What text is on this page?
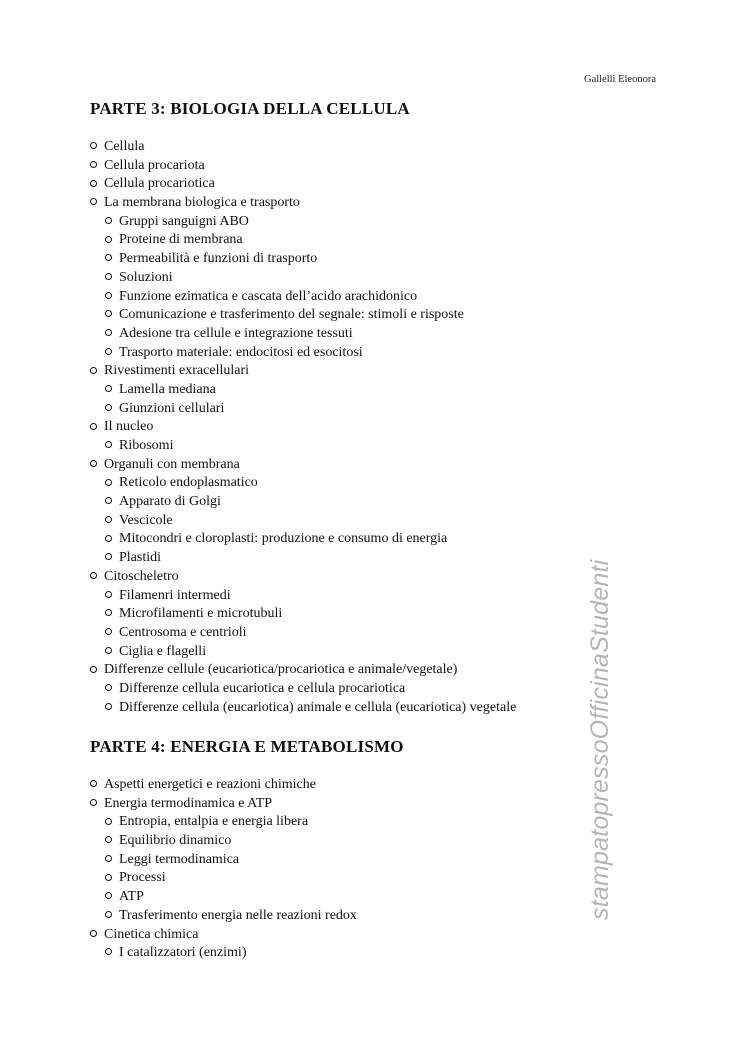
Gallelli Eleonora
PARTE 3: BIOLOGIA DELLA CELLULA
Cellula
Cellula procariota
Cellula procariotica
La membrana biologica e trasporto
Gruppi sanguigni ABO
Proteine di membrana
Permeabilità e funzioni di trasporto
Soluzioni
Funzione ezimatica e cascata dell’acido arachidonico
Comunicazione e trasferimento del segnale: stimoli e risposte
Adesione tra cellule e integrazione tessuti
Trasporto materiale: endocitosi ed esocitosi
Rivestimenti exracellulari
Lamella mediana
Giunzioni cellulari
Il nucleo
Ribosomi
Organuli con membrana
Reticolo endoplasmatico
Apparato di Golgi
Vescicole
Mitocondri e cloroplasti: produzione e consumo di energia
Plastidi
Citoscheletro
Filamenri intermedi
Microfilamenti e microtubuli
Centrosoma e centrioli
Ciglia e flagelli
Differenze cellule (eucariotica/procariotica e animale/vegetale)
Differenze cellula eucariotica e cellula procariotica
Differenze cellula (eucariotica) animale e cellula (eucariotica) vegetale
PARTE 4: ENERGIA E METABOLISMO
Aspetti energetici e reazioni chimiche
Energia termodinamica e ATP
Entropia, entalpia e energia libera
Equilibrio dinamico
Leggi termodinamica
Processi
ATP
Trasferimento energia nelle reazioni redox
Cinetica chimica
I catalizzatori (enzimi)
stampatopressoOfficinaStudenti
